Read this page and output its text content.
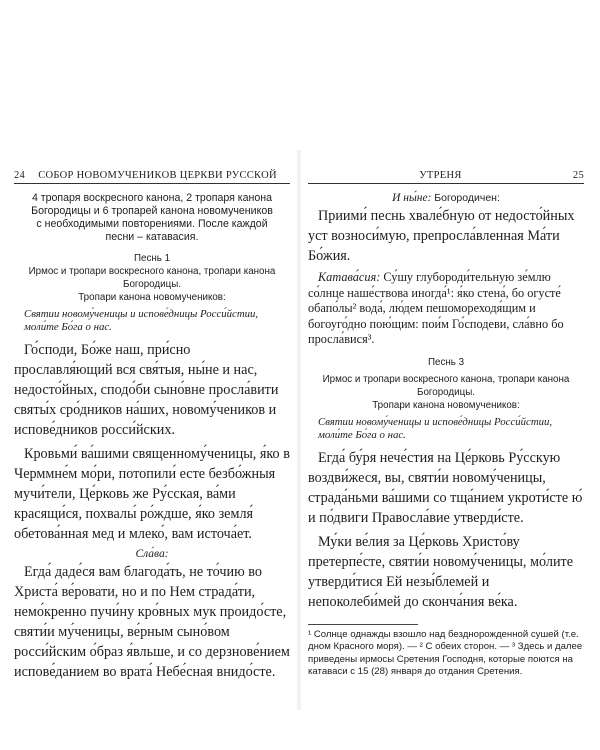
24	СОБОР НОВОМУЧЕНИКОВ ЦЕРКВИ РУССКОЙ

4 тропаря воскресного канона, 2 тропаря канона Богородицы и 6 тропарей канона новомучеников с необходимыми повторениями. После каждой песни – катавасия.

Песнь 1

Ирмос и тропари воскресного канона, тропари канона Богородицы.

Тропари канона новомучеников:

Святии новому́ченицы и испове́дницы Росси́йстии, моли́те Бо́га о нас.

Го́споди, Бо́же наш, при́сно прославля́ющий вся свя́тыя, ны́не и нас, недосто́йных, сподо́би сыно́вне просла́вити святы́х сро́дников на́ших, новому́чеников и испове́дников росси́йских.

Кровьми́ ва́шими священному́ченицы, я́ко в Черммне́м мо́ри, потопили́ есте безбо́жныя мучи́тели, Це́рковь же Ру́сская, ва́ми красящи́ся, похвалы́ ро́ждше, я́ко земля́ обетова́нная мед и млеко́, вам источа́ет.

Сла́ва:

Егда́ даде́ся вам благода́ть, не то́чию во Христа́ ве́ровати, но и по Нем страда́ти, немо́кренно пучи́ну кро́вных мук проидо́сте, святи́и му́ченицы, ве́рным сыно́вом росси́йским о́браз я́вльше, и со дерзнове́нием испове́данием во врата́ Небе́сная внидо́сте.

УТРЕНЯ	25

И ны́не: Богородичен:

Приими́ песнь хвале́бную от недосто́йных уст возноси́мую, препросла́вленная Ма́ти Бо́жия.

Катава́сия: Су́шу глубороди́тельную зе́млю со́лнце наше́ствова иногда́¹: я́ко стена́, бо огусте́ обапо́лы² вода́, лю́дем пешомореходя́щим и богоуго́дно пою́щим: пои́м Го́сподеви, сла́вно бо просла́вися³.

Песнь 3

Ирмос и тропари воскресного канона, тропари канона Богородицы.

Тропари канона новомучеников:

Святии новому́ченицы и испове́дницы Росси́йстии, моли́те Бо́га о нас.

Егда́ бу́ря нече́стия на Це́рковь Ру́сскую воздви́жеся, вы, святи́и новому́ченицы, страда́ньми ва́шими со тща́нием укроти́сте ю́ и по́двиги Правосла́вие утверди́сте.

Му́ки ве́лия за Це́рковь Христо́ву претерпе́сте, святи́и новому́ченицы, мо́лите утверди́тися Ей незы́блемей и непоколеби́мей до сконча́ния ве́ка.

¹ Солнце однажды взошло над безднорожденной сушей (т.е. дном Красного моря). — ² С обеих сторон. — ³ Здесь и далее приведены ирмосы Сретения Господня, которые поются на катаваси с 15 (28) января до отдания Сретения.
